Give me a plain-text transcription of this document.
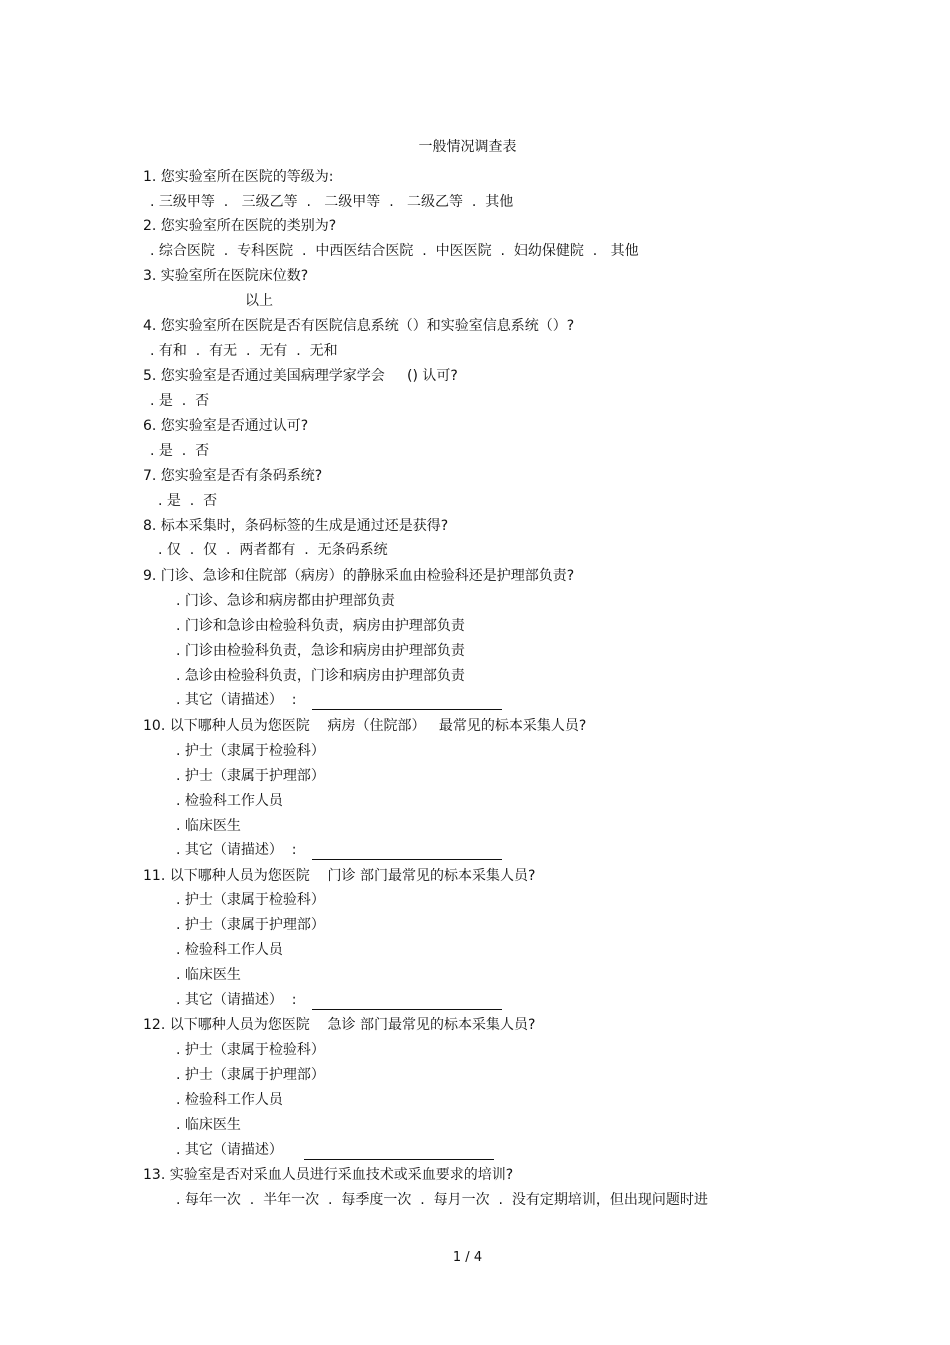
一般情况调查表
1. 您实验室所在医院的等级为:
. 三级甲等  .   三级乙等  .   二级甲等  .   二级乙等  .  其他
2. 您实验室所在医院的类别为?
. 综合医院  .  专科医院  .  中西医结合医院  .  中医医院  .  妇幼保健院  .   其他
3. 实验室所在医院床位数?
以上
4. 您实验室所在医院是否有医院信息系统（）和实验室信息系统（）?
. 有和  .  有无  .  无有  .  无和
5. 您实验室是否通过美国病理学家学会     () 认可?
. 是  .  否
6. 您实验室是否通过认可?
. 是  .  否
7. 您实验室是否有条码系统?
. 是  .  否
8. 标本采集时，条码标签的生成是通过还是获得?
. 仅  .  仅  .  两者都有  .  无条码系统
9. 门诊、急诊和住院部（病房）的静脉采血由检验科还是护理部负责?
. 门诊、急诊和病房都由护理部负责
. 门诊和急诊由检验科负责，病房由护理部负责
. 门诊由检验科负责，急诊和病房由护理部负责
. 急诊由检验科负责，门诊和病房由护理部负责
. 其它（请描述）  :
10. 以下哪种人员为您医院    病房（住院部）   最常见的标本采集人员?
. 护士（隶属于检验科）
. 护士（隶属于护理部）
. 检验科工作人员
. 临床医生
. 其它（请描述）  :
11. 以下哪种人员为您医院    门诊 部门最常见的标本采集人员?
. 护士（隶属于检验科）
. 护士（隶属于护理部）
. 检验科工作人员
. 临床医生
. 其它（请描述）  :
12. 以下哪种人员为您医院    急诊 部门最常见的标本采集人员?
. 护士（隶属于检验科）
. 护士（隶属于护理部）
. 检验科工作人员
. 临床医生
. 其它（请描述）
13. 实验室是否对采血人员进行采血技术或采血要求的培训?
. 每年一次  .  半年一次  .  每季度一次  .  每月一次  .  没有定期培训，但出现问题时进
1 / 4
